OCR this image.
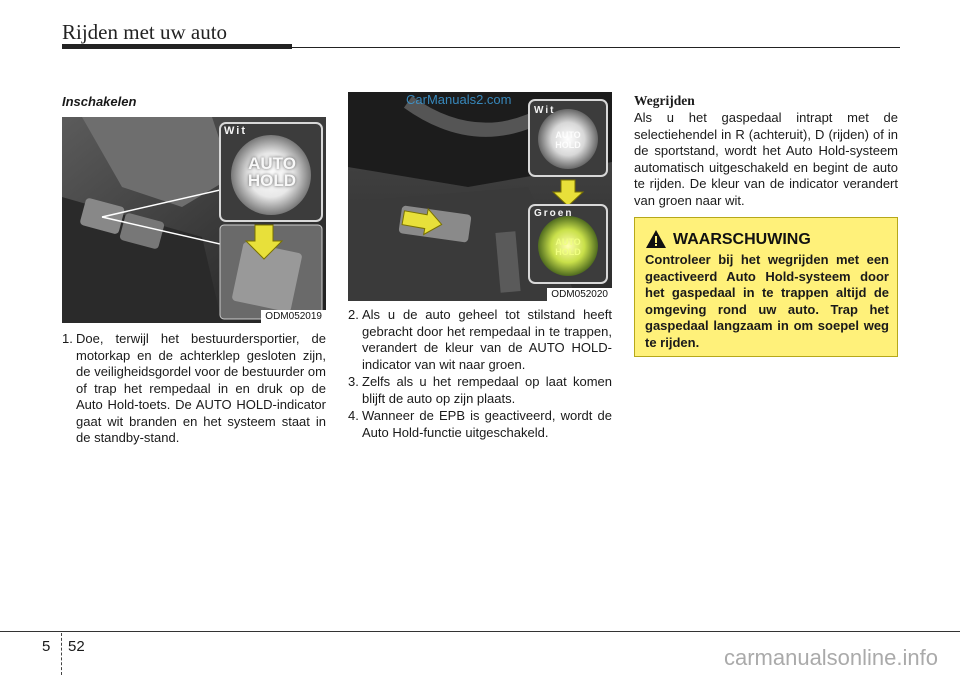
Rijden met uw auto
Inschakelen
Wit
AUTO
HOLD
ODM052019
1. Doe, terwijl het bestuurdersportier, de motorkap en de achterklep gesloten zijn, de veiligheidsgordel voor de bestuurder om of trap het rempedaal in en druk op de Auto Hold-toets. De AUTO HOLD-indicator gaat wit branden en het systeem staat in de standby-stand.
Wit
AUTO
HOLD
Groen
AUTO
HOLD
ODM052020
CarManuals2.com
2. Als u de auto geheel tot stilstand heeft gebracht door het rempedaal in te trappen, verandert de kleur van de AUTO HOLD-indicator van wit naar groen.
3. Zelfs als u het rempedaal op laat komen blijft de auto op zijn plaats.
4. Wanneer de EPB is geactiveerd, wordt de Auto Hold-functie uitgeschakeld.
Wegrijden

Als u het gaspedaal intrapt met de selectiehendel in R (achteruit), D (rijden) of in de sportstand, wordt het Auto Hold-systeem automatisch uitgeschakeld en begint de auto te rijden. De kleur van de indicator verandert van groen naar wit.

WAARSCHUWING

Controleer bij het wegrijden met een geactiveerd Auto Hold-systeem door het gaspedaal in te trappen altijd de omgeving rond uw auto. Trap het gaspedaal langzaam in om soepel weg te rijden.

5 52	carmanualsonline.info
